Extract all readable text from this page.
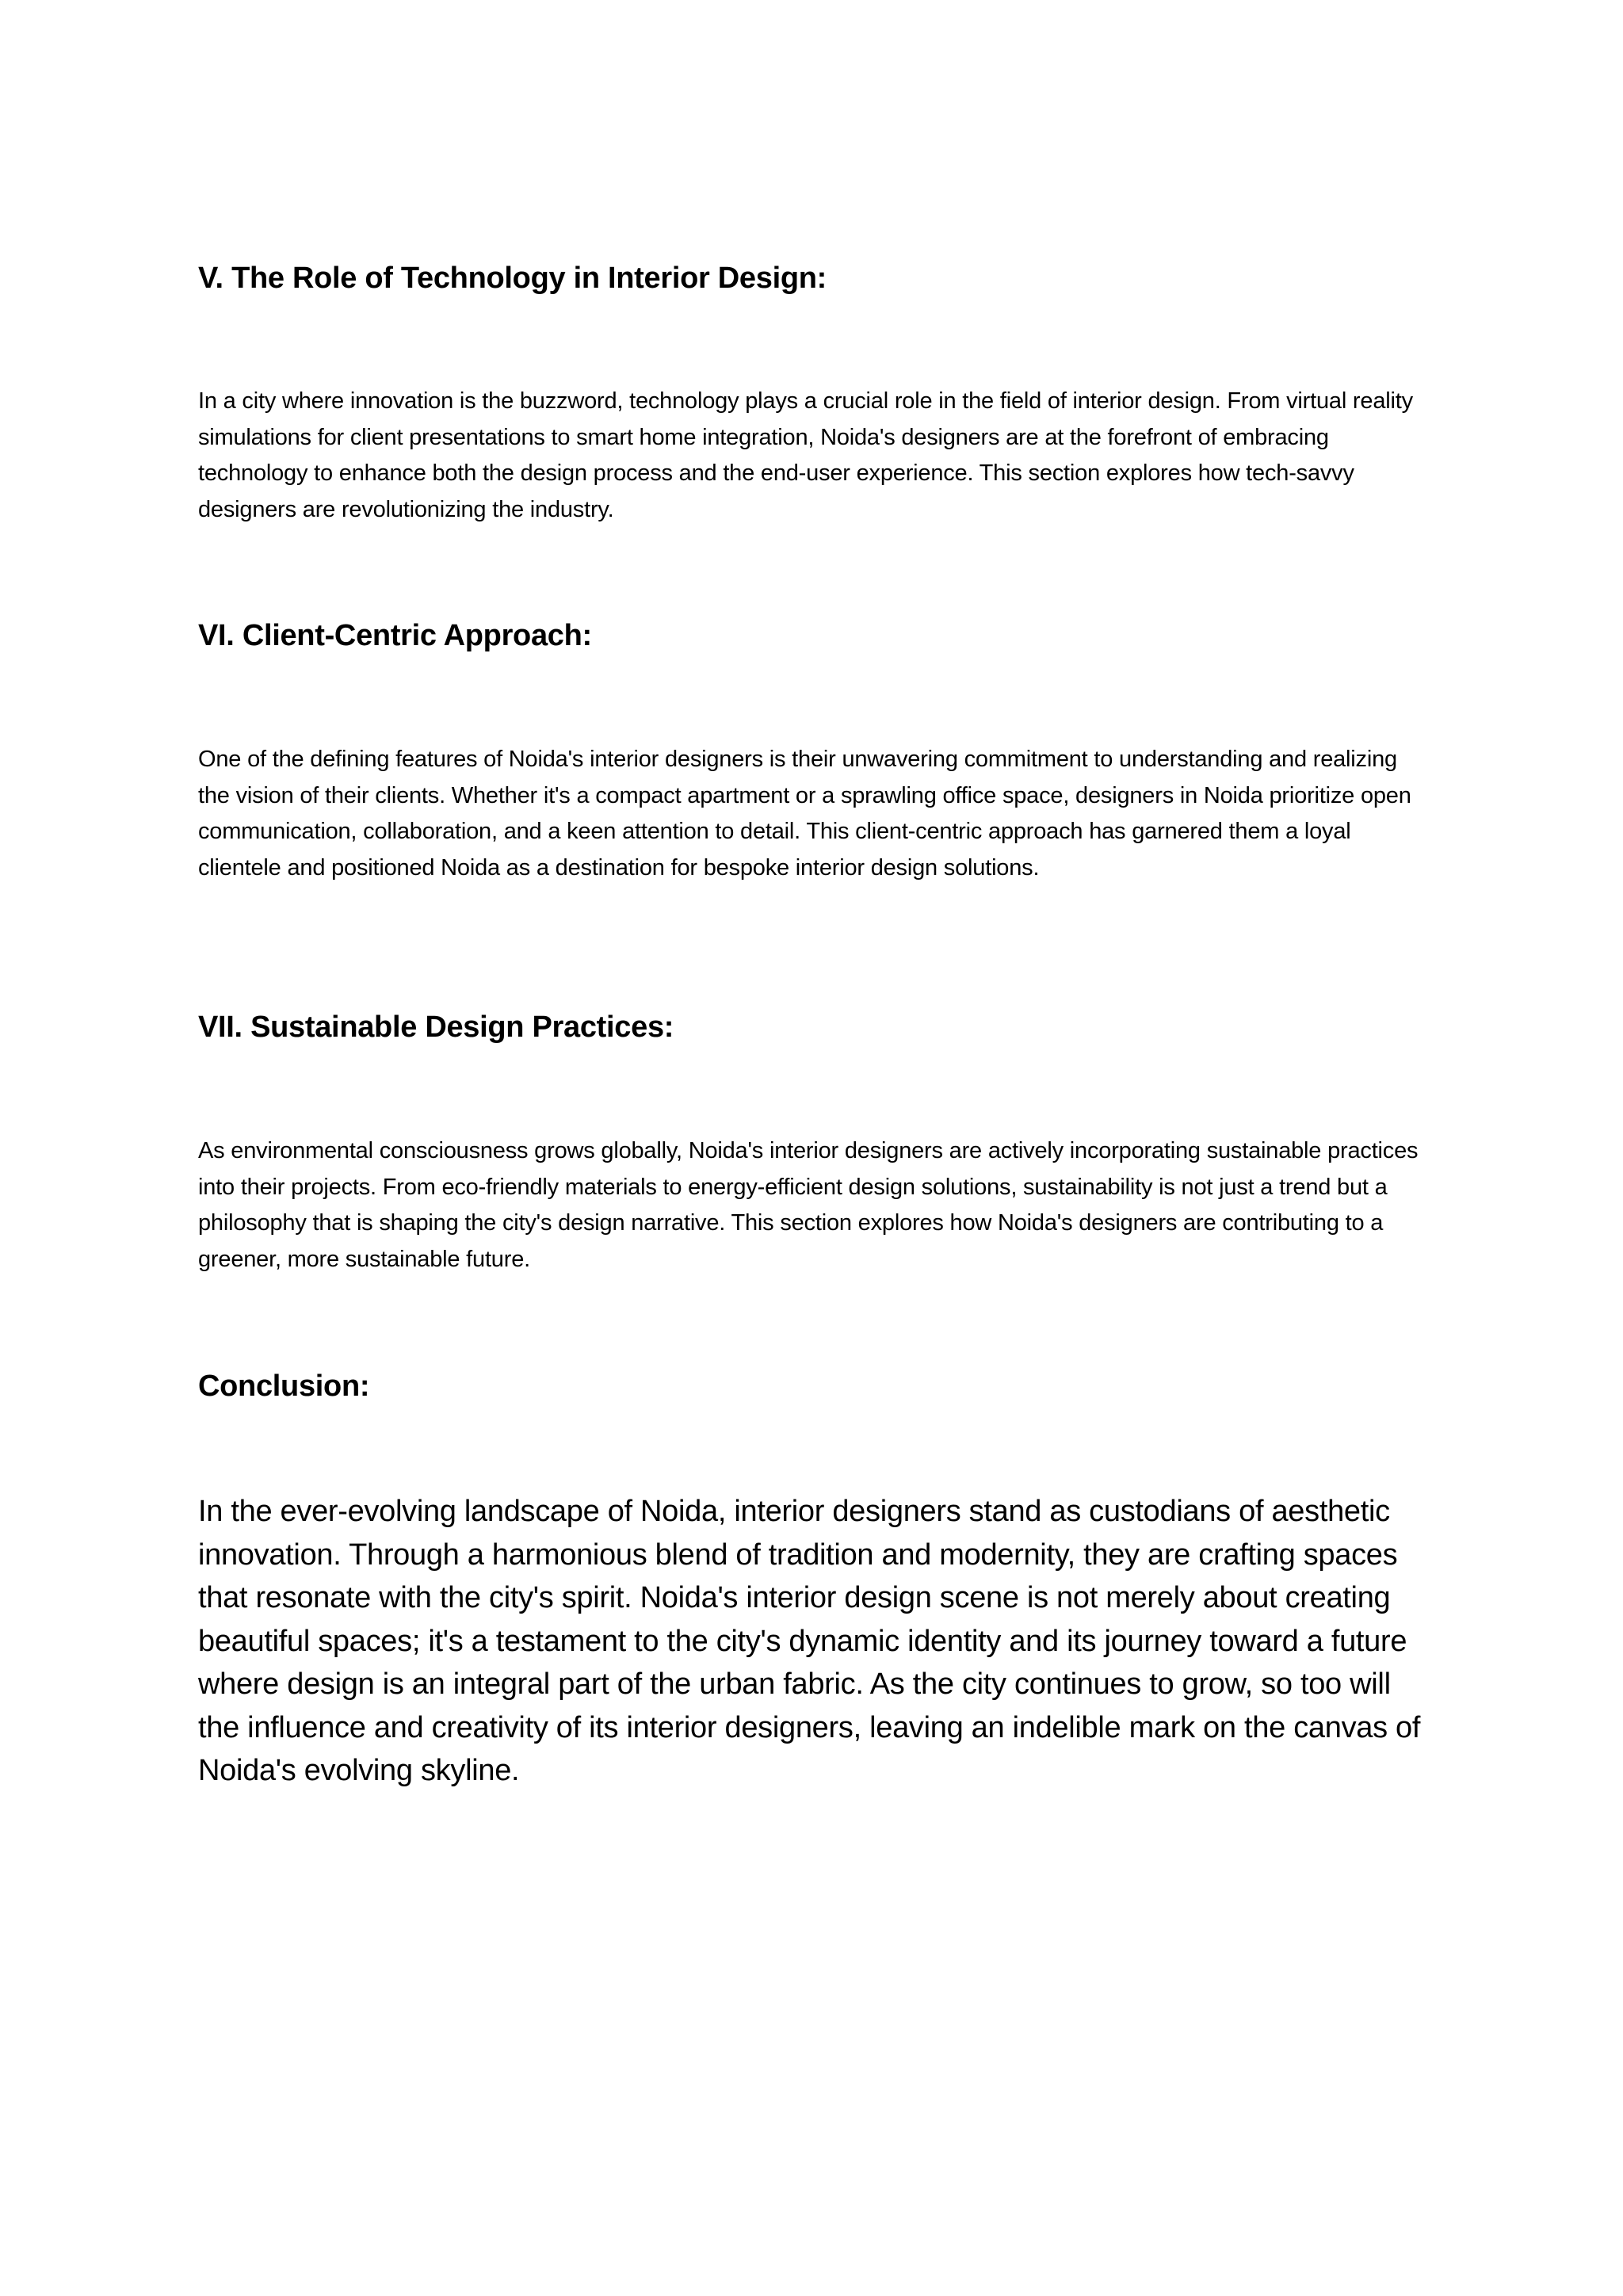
V. The Role of Technology in Interior Design:

In a city where innovation is the buzzword, technology plays a crucial role in the field of interior design. From virtual reality simulations for client presentations to smart home integration, Noida's designers are at the forefront of embracing technology to enhance both the design process and the end-user experience. This section explores how tech-savvy designers are revolutionizing the industry.

VI. Client-Centric Approach:

One of the defining features of Noida's interior designers is their unwavering commitment to understanding and realizing the vision of their clients. Whether it's a compact apartment or a sprawling office space, designers in Noida prioritize open communication, collaboration, and a keen attention to detail. This client-centric approach has garnered them a loyal clientele and positioned Noida as a destination for bespoke interior design solutions.

VII. Sustainable Design Practices:

As environmental consciousness grows globally, Noida's interior designers are actively incorporating sustainable practices into their projects. From eco-friendly materials to energy-efficient design solutions, sustainability is not just a trend but a philosophy that is shaping the city's design narrative. This section explores how Noida's designers are contributing to a greener, more sustainable future.

Conclusion:

In the ever-evolving landscape of Noida, interior designers stand as custodians of aesthetic innovation. Through a harmonious blend of tradition and modernity, they are crafting spaces that resonate with the city's spirit. Noida's interior design scene is not merely about creating beautiful spaces; it's a testament to the city's dynamic identity and its journey toward a future where design is an integral part of the urban fabric. As the city continues to grow, so too will the influence and creativity of its interior designers, leaving an indelible mark on the canvas of Noida's evolving skyline.
